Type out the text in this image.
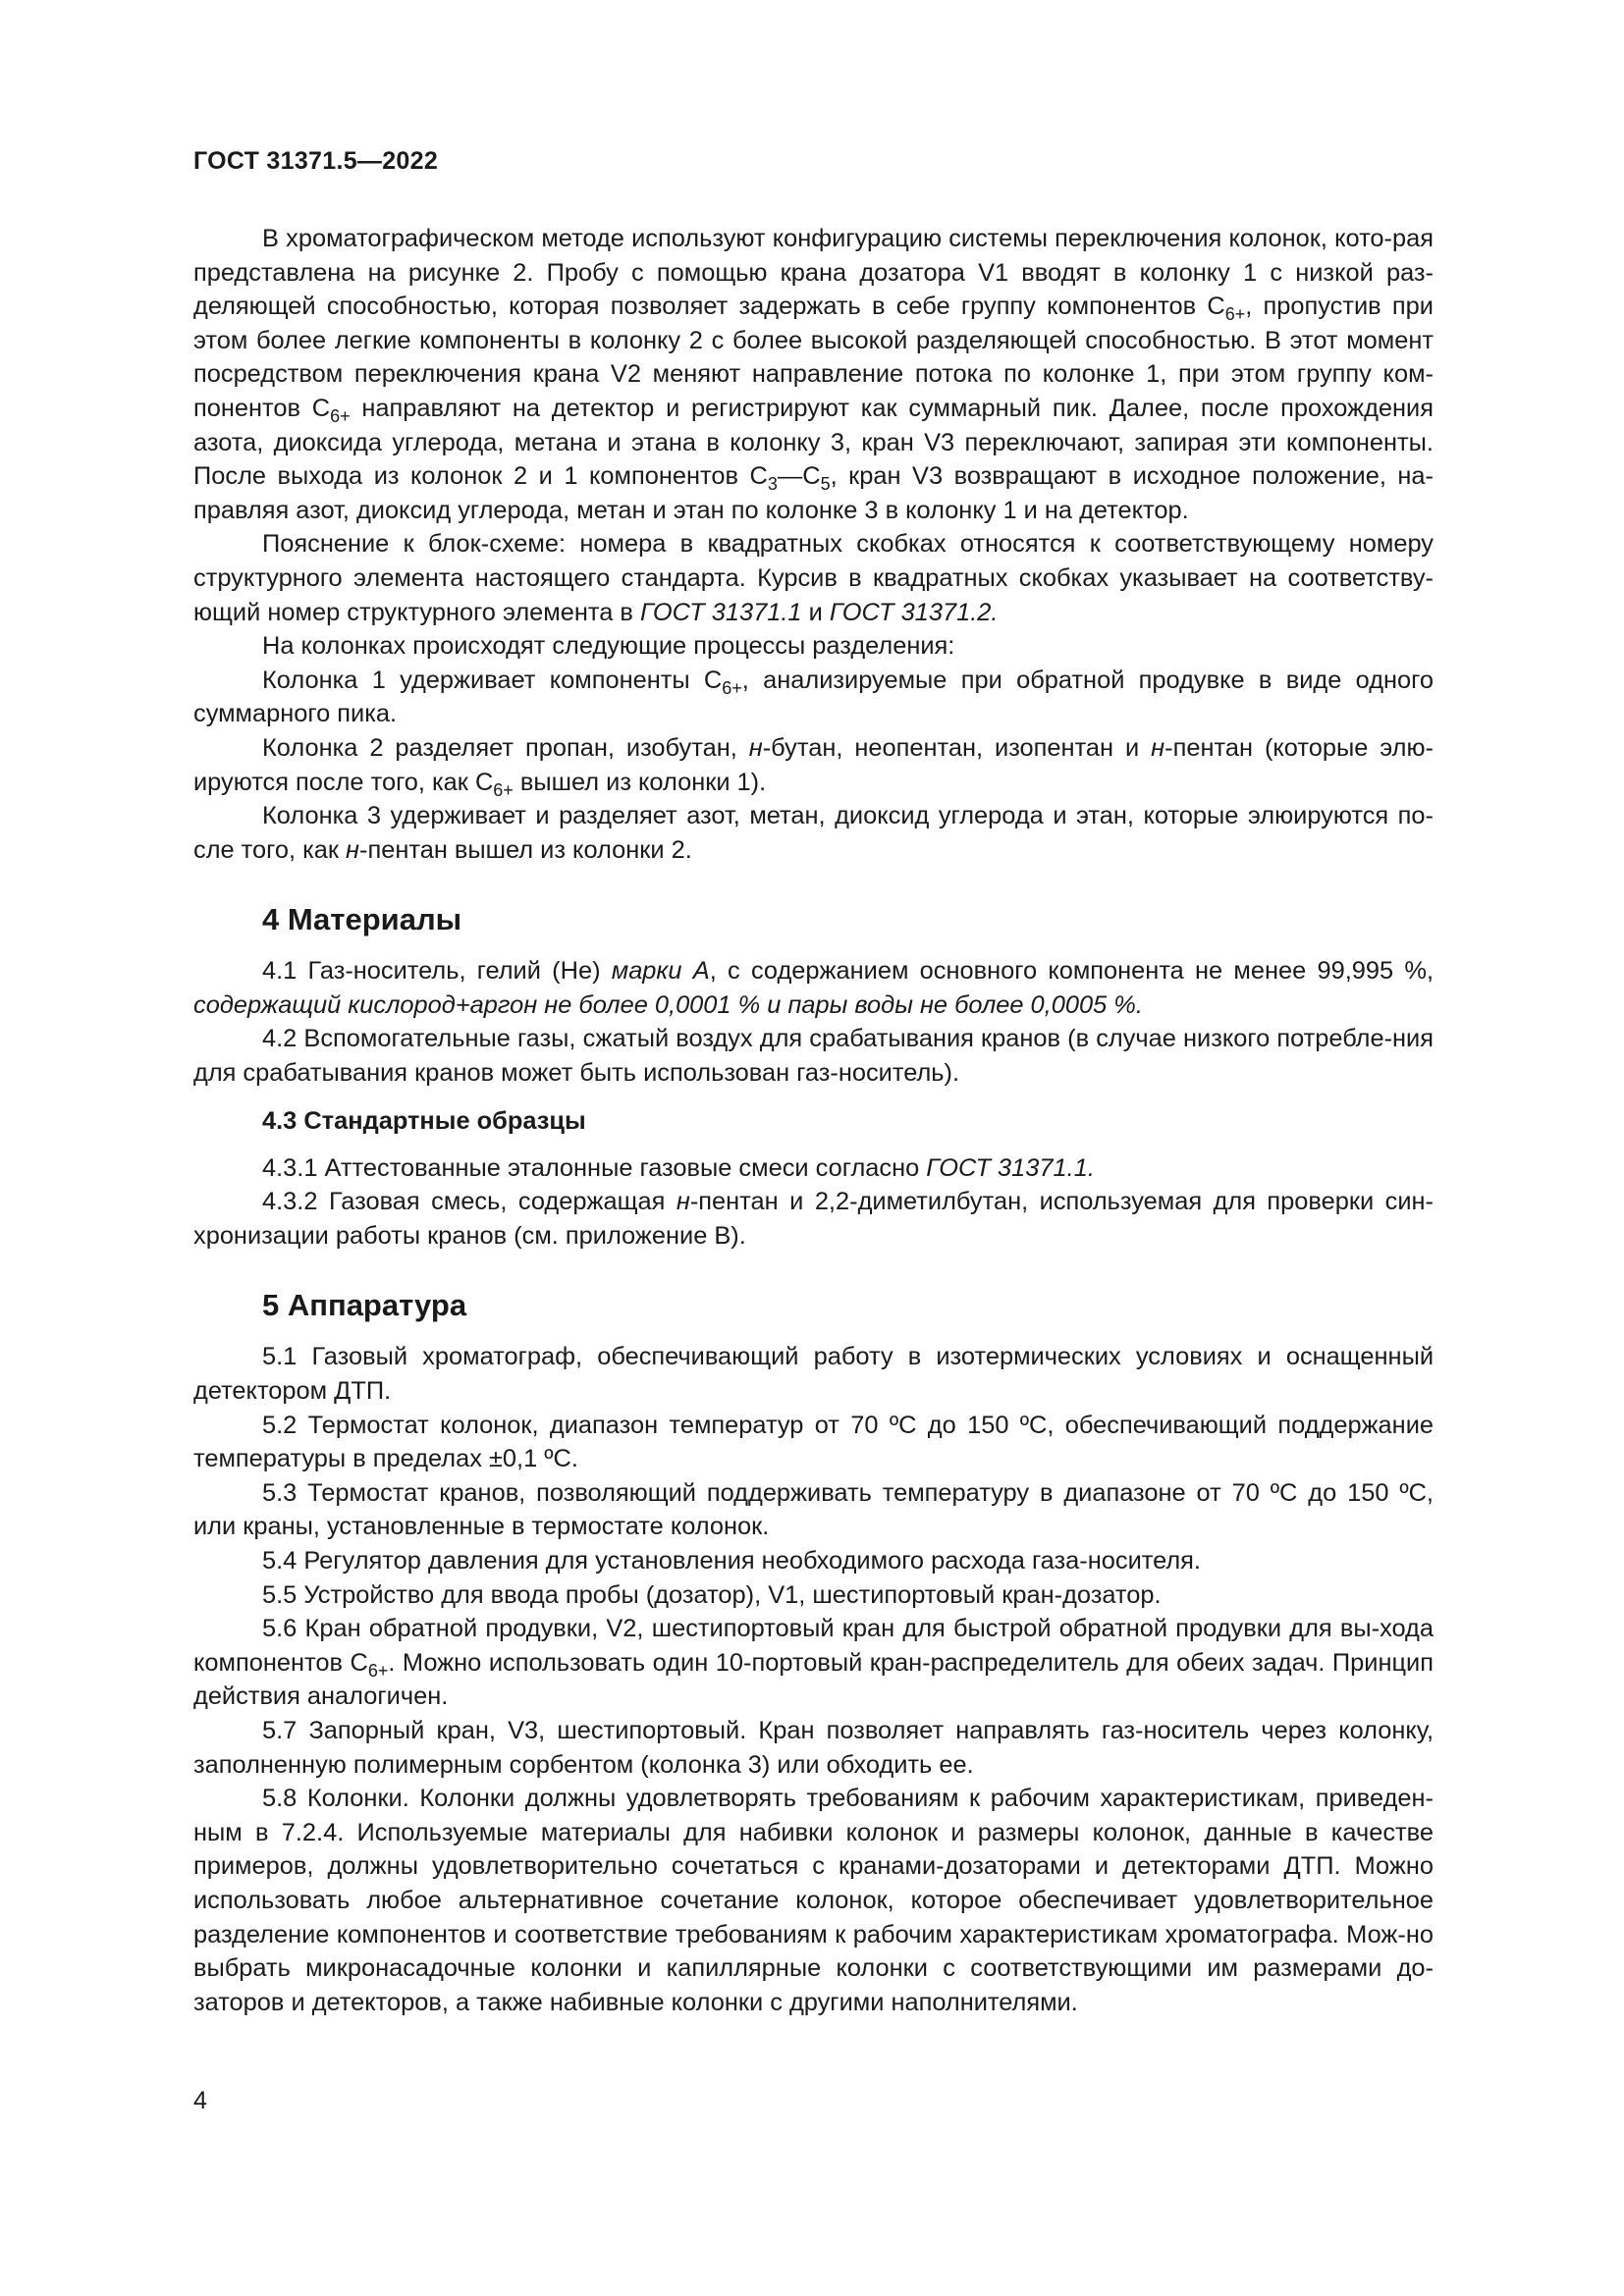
ГОСТ 31371.5—2022

В хроматографическом методе используют конфигурацию системы переключения колонок, кото-рая представлена на рисунке 2. Пробу с помощью крана дозатора V1 вводят в колонку 1 с низкой раз-деляющей способностью, которая позволяет задержать в себе группу компонентов $С_{6+}$, пропустив при этом более легкие компоненты в колонку 2 с более высокой разделяющей способностью. В этот момент посредством переключения крана V2 меняют направление потока по колонке 1, при этом группу ком-понентов $С_{6+}$ направляют на детектор и регистрируют как суммарный пик. Далее, после прохождения азота, диоксида углерода, метана и этана в колонку 3, кран V3 переключают, запирая эти компоненты. После выхода из колонок 2 и 1 компонентов $С_3—С_5$, кран V3 возвращают в исходное положение, на-правляя азот, диоксид углерода, метан и этан по колонке 3 в колонку 1 и на детектор.

Пояснение к блок-схеме: номера в квадратных скобках относятся к соответствующему номеру структурного элемента настоящего стандарта. Курсив в квадратных скобках указывает на соответству-ющий номер структурного элемента в ГОСТ 31371.1 и ГОСТ 31371.2.

На колонках происходят следующие процессы разделения:

Колонка 1 удерживает компоненты $С_{6+}$, анализируемые при обратной продувке в виде одного суммарного пика.

Колонка 2 разделяет пропан, изобутан, н-бутан, неопентан, изопентан и н-пентан (которые элю-ируются после того, как $С_{6+}$ вышел из колонки 1).

Колонка 3 удерживает и разделяет азот, метан, диоксид углерода и этан, которые элюируются по-сле того, как н-пентан вышел из колонки 2.

4 Материалы

4.1 Газ-носитель, гелий (Не) марки А, с содержанием основного компонента не менее 99,995 %, содержащий кислород+аргон не более 0,0001 % и пары воды не более 0,0005 %.

4.2 Вспомогательные газы, сжатый воздух для срабатывания кранов (в случае низкого потребле-ния для срабатывания кранов может быть использован газ-носитель).

4.3 Стандартные образцы

4.3.1 Аттестованные эталонные газовые смеси согласно ГОСТ 31371.1.

4.3.2 Газовая смесь, содержащая н-пентан и 2,2-диметилбутан, используемая для проверки син-хронизации работы кранов (см. приложение В).

5 Аппаратура

5.1 Газовый хроматограф, обеспечивающий работу в изотермических условиях и оснащенный детектором ДТП.

5.2 Термостат колонок, диапазон температур от 70 ºС до 150 ºС, обеспечивающий поддержание температуры в пределах ±0,1 ºС.

5.3 Термостат кранов, позволяющий поддерживать температуру в диапазоне от 70 ºС до 150 ºС, или краны, установленные в термостате колонок.

5.4 Регулятор давления для установления необходимого расхода газа-носителя.

5.5 Устройство для ввода пробы (дозатор), V1, шестипортовый кран-дозатор.

5.6 Кран обратной продувки, V2, шестипортовый кран для быстрой обратной продувки для вы-хода компонентов $С_{6+}$. Можно использовать один 10-портовый кран-распределитель для обеих задач. Принцип действия аналогичен.

5.7 Запорный кран, V3, шестипортовый. Кран позволяет направлять газ-носитель через колонку, заполненную полимерным сорбентом (колонка 3) или обходить ее.

5.8 Колонки. Колонки должны удовлетворять требованиям к рабочим характеристикам, приведен-ным в 7.2.4. Используемые материалы для набивки колонок и размеры колонок, данные в качестве примеров, должны удовлетворительно сочетаться с кранами-дозаторами и детекторами ДТП. Можно использовать любое альтернативное сочетание колонок, которое обеспечивает удовлетворительное разделение компонентов и соответствие требованиям к рабочим характеристикам хроматографа. Мож-но выбрать микронасадочные колонки и капиллярные колонки с соответствующими им размерами до-заторов и детекторов, а также набивные колонки с другими наполнителями.

4
